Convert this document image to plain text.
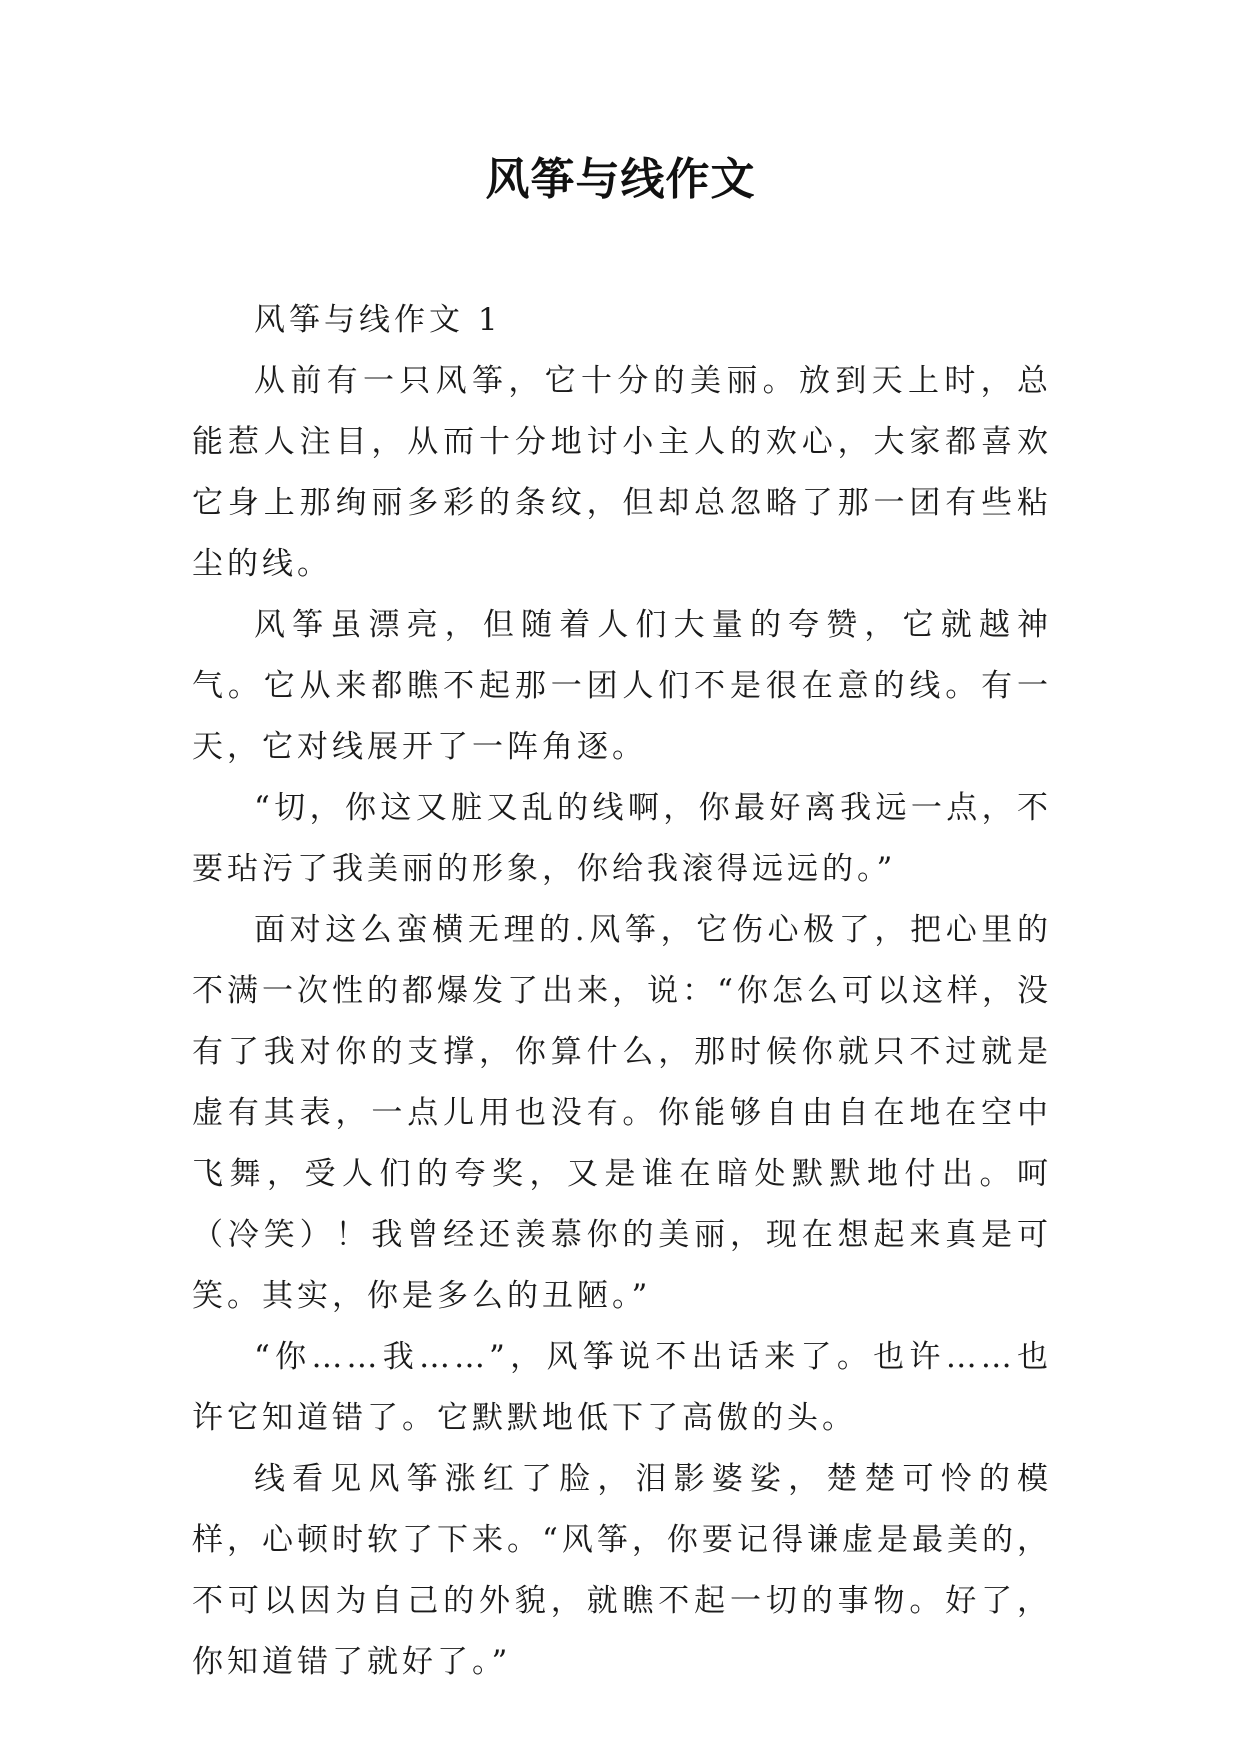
风筝与线作文

风筝与线作文 1

从前有一只风筝，它十分的美丽。放到天上时，总能惹人注目，从而十分地讨小主人的欢心，大家都喜欢它身上那绚丽多彩的条纹，但却总忽略了那一团有些粘尘的线。

风筝虽漂亮，但随着人们大量的夸赞，它就越神气。它从来都瞧不起那一团人们不是很在意的线。有一天，它对线展开了一阵角逐。

“切，你这又脏又乱的线啊，你最好离我远一点，不要玷污了我美丽的形象，你给我滚得远远的。”

面对这么蛮横无理的.风筝，它伤心极了，把心里的不满一次性的都爆发了出来，说：“你怎么可以这样，没有了我对你的支撑，你算什么，那时候你就只不过就是虚有其表，一点儿用也没有。你能够自由自在地在空中飞舞，受人们的夸奖，又是谁在暗处默默地付出。呵（冷笑）！我曾经还羡慕你的美丽，现在想起来真是可笑。其实，你是多么的丑陋。”

“你……我……”，风筝说不出话来了。也许……也许它知道错了。它默默地低下了高傲的头。

线看见风筝涨红了脸，泪影婆娑，楚楚可怜的模样，心顿时软了下来。“风筝，你要记得谦虚是最美的，不可以因为自己的外貌，就瞧不起一切的事物。好了，你知道错了就好了。”
